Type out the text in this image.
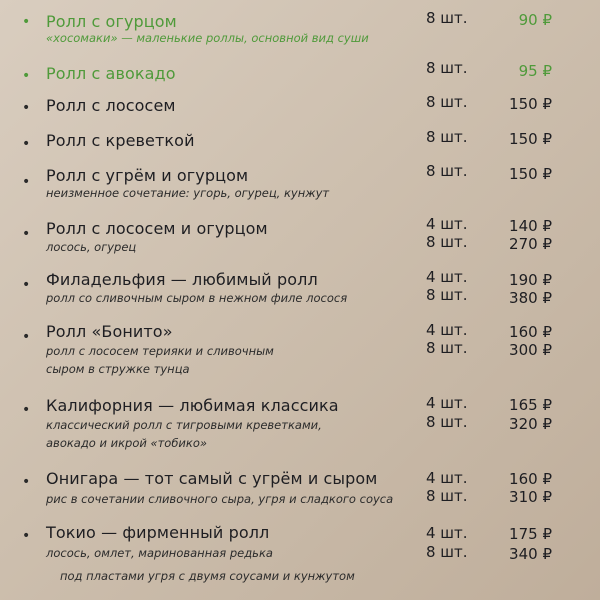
• Ролл с огурцом
«хосомаки» — маленькие роллы, основной вид суши
8 шт.	90 ₽
• Ролл с авокадо	8 шт.	95 ₽
• Ролл с лососем	8 шт.	150 ₽
• Ролл с креветкой	8 шт.	150 ₽
• Ролл с угрём и огурцом
неизменное сочетание: угорь, огурец, кунжут
8 шт.	150 ₽
• Ролл с лососем и огурцом
лосось, огурец
4 шт.	140 ₽
8 шт.	270 ₽
• Филадельфия — любимый ролл
ролл со сливочным сыром в нежном филе лосося
4 шт.	190 ₽
8 шт.	380 ₽
• Ролл «Бонито»
ролл с лососем терияки и сливочным
сыром в стружке тунца
4 шт.	160 ₽
8 шт.	300 ₽
• Калифорния — любимая классика
классический ролл с тигровыми креветками,
авокадо и икрой «тобико»
4 шт.	165 ₽
8 шт.	320 ₽
• Онигара — тот самый с угрём и сыром
рис в сочетании сливочного сыра, угря и сладкого соуса
4 шт.	160 ₽
8 шт.	310 ₽
• Токио — фирменный ролл
лосось, омлет, маринованная редька
под пластами угря с двумя соусами и кунжутом
4 шт.	175 ₽
8 шт.	340 ₽
